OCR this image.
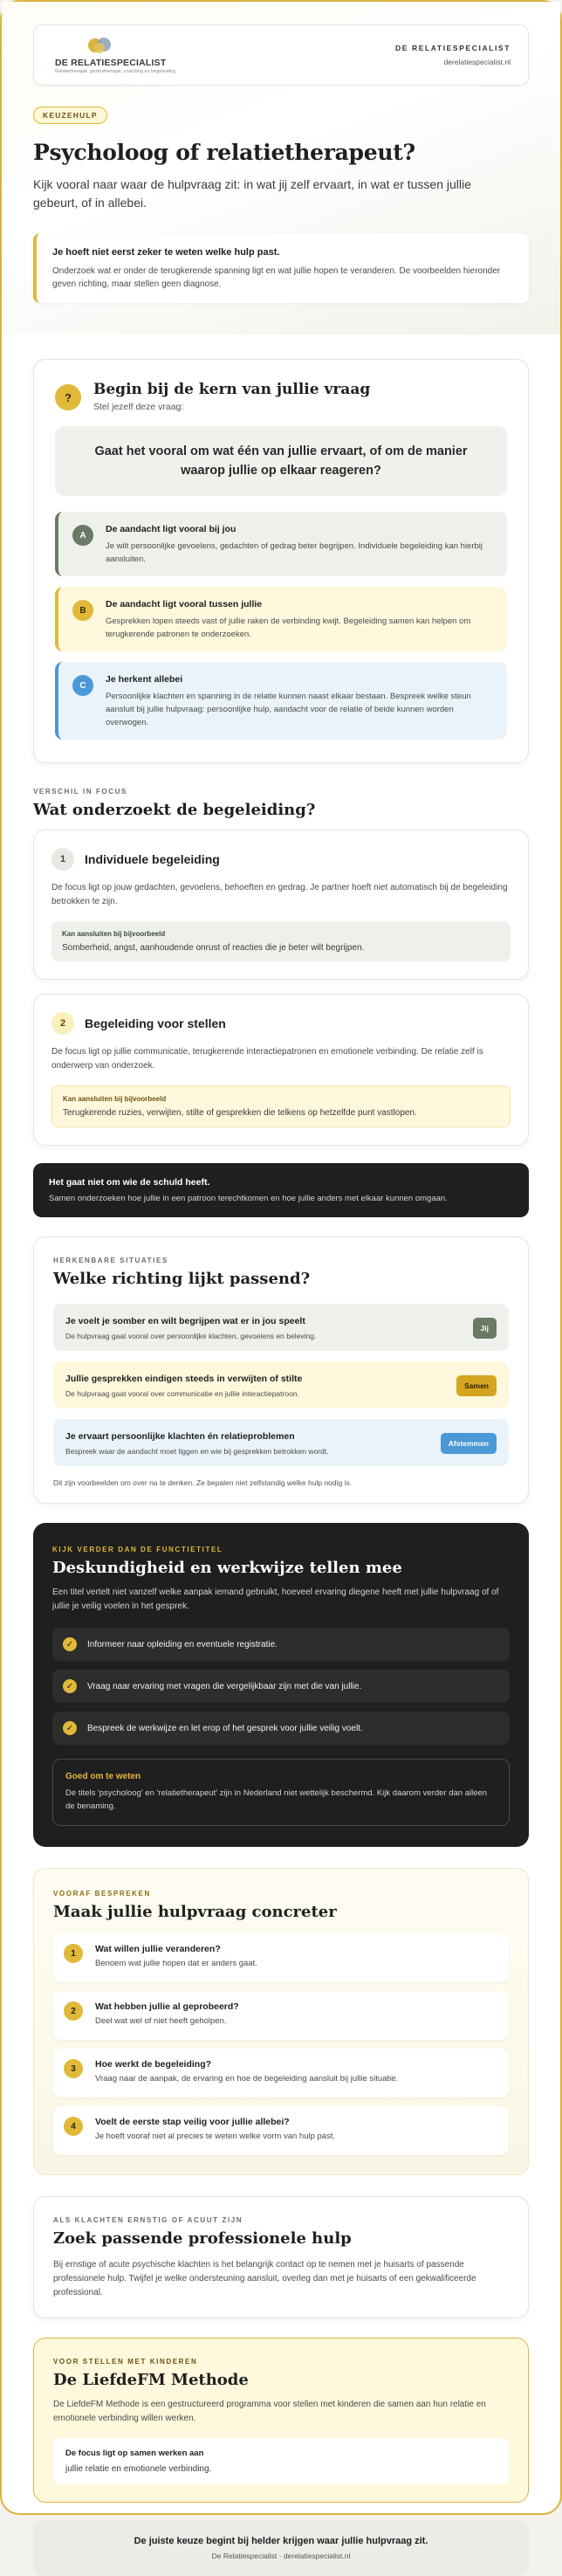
DE RELATIESPECIALIST
Relatietherapie, gezinstherapie, coaching en begeleiding
DE RELATIESPECIALIST
derelatiespecialist.nl
KEUZEHULP
Psycholoog of relatietherapeut?

Kijk vooral naar waar de hulpvraag zit: in wat jij zelf ervaart, in wat er tussen jullie gebeurt, of in allebei.

Je hoeft niet eerst zeker te weten welke hulp past.
Onderzoek wat er onder de terugkerende spanning ligt en wat jullie hopen te veranderen. De voorbeelden hieronder geven richting, maar stellen geen diagnose.
?	Begin bij de kern van jullie vraag
Stel jezelf deze vraag:
Gaat het vooral om wat één van jullie ervaart, of om de manier waarop jullie op elkaar reageren?
A
De aandacht ligt vooral bij jou
Je wilt persoonlijke gevoelens, gedachten of gedrag beter begrijpen. Individuele begeleiding kan hierbij aansluiten.
B
De aandacht ligt vooral tussen jullie
Gesprekken lopen steeds vast of jullie raken de verbinding kwijt. Begeleiding samen kan helpen om terugkerende patronen te onderzoeken.
C
Je herkent allebei
Persoonlijke klachten en spanning in de relatie kunnen naast elkaar bestaan. Bespreek welke steun aansluit bij jullie hulpvraag: persoonlijke hulp, aandacht voor de relatie of beide kunnen worden overwogen.
VERSCHIL IN FOCUS
Wat onderzoekt de begeleiding?
1	Individuele begeleiding
De focus ligt op jouw gedachten, gevoelens, behoeften en gedrag. Je partner hoeft niet automatisch bij de begeleiding betrokken te zijn.
Kan aansluiten bij bijvoorbeeld
Somberheid, angst, aanhoudende onrust of reacties die je beter wilt begrijpen.
2	Begeleiding voor stellen
De focus ligt op jullie communicatie, terugkerende interactiepatronen en emotionele verbinding. De relatie zelf is onderwerp van onderzoek.
Kan aansluiten bij bijvoorbeeld
Terugkerende ruzies, verwijten, stilte of gesprekken die telkens op hetzelfde punt vastlopen.
Het gaat niet om wie de schuld heeft.
Samen onderzoeken hoe jullie in een patroon terechtkomen en hoe jullie anders met elkaar kunnen omgaan.
HERKENBARE SITUATIES
Welke richting lijkt passend?
Je voelt je somber en wilt begrijpen wat er in jou speelt
De hulpvraag gaat vooral over persoonlijke klachten, gevoelens en beleving.
Jij
Jullie gesprekken eindigen steeds in verwijten of stilte
De hulpvraag gaat vooral over communicatie en jullie interactiepatroon.
Samen
Je ervaart persoonlijke klachten én relatieproblemen
Bespreek waar de aandacht moet liggen en wie bij gesprekken betrokken wordt.
Afstemmen
Dit zijn voorbeelden om over na te denken. Ze bepalen niet zelfstandig welke hulp nodig is.
KIJK VERDER DAN DE FUNCTIETITEL
Deskundigheid en werkwijze tellen mee
Een titel vertelt niet vanzelf welke aanpak iemand gebruikt, hoeveel ervaring diegene heeft met jullie hulpvraag of of jullie je veilig voelen in het gesprek.
✓	Informeer naar opleiding en eventuele registratie.
✓	Vraag naar ervaring met vragen die vergelijkbaar zijn met die van jullie.
✓	Bespreek de werkwijze en let erop of het gesprek voor jullie veilig voelt.
Goed om te weten
De titels 'psycholoog' en 'relatietherapeut' zijn in Nederland niet wettelijk beschermd. Kijk daarom verder dan alleen de benaming.
VOORAF BESPREKEN
Maak jullie hulpvraag concreter
1	Wat willen jullie veranderen?
Benoem wat jullie hopen dat er anders gaat.
2	Wat hebben jullie al geprobeerd?
Deel wat wel of niet heeft geholpen.
3	Hoe werkt de begeleiding?
Vraag naar de aanpak, de ervaring en hoe de begeleiding aansluit bij jullie situatie.
4	Voelt de eerste stap veilig voor jullie allebei?
Je hoeft vooraf niet al precies te weten welke vorm van hulp past.
ALS KLACHTEN ERNSTIG OF ACUUT ZIJN
Zoek passende professionele hulp
Bij ernstige of acute psychische klachten is het belangrijk contact op te nemen met je huisarts of passende professionele hulp. Twijfel je welke ondersteuning aansluit, overleg dan met je huisarts of een gekwalificeerde professional.
VOOR STELLEN MET KINDEREN
De LiefdeFM Methode
De LiefdeFM Methode is een gestructureerd programma voor stellen met kinderen die samen aan hun relatie en emotionele verbinding willen werken.
De focus ligt op samen werken aan
jullie relatie en emotionele verbinding.
De juiste keuze begint bij helder krijgen waar jullie hulpvraag zit.
De Relatiespecialist · derelatiespecialist.nl
